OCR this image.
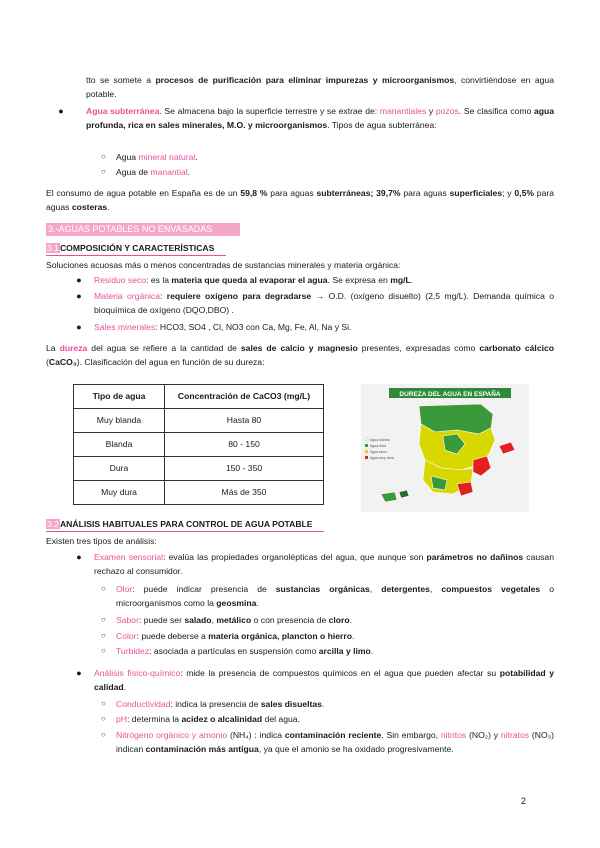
tto se somete a procesos de purificación para eliminar impurezas y microorganismos, convirtiéndose en agua potable.
●	Agua subterránea. Se almacena bajo la superficie terrestre y se extrae de: manantiales y pozos. Se clasifica como agua profunda, rica en sales minerales, M.O. y microorganismos. Tipos de agua subterránea:
○ Agua mineral natural.
○ Agua de manantial.
El consumo de agua potable en España es de un 59,8 % para aguas subterráneas; 39,7% para aguas superficiales; y 0,5% para aguas costeras.
3.-AGUAS POTABLES NO ENVASADAS
3.1COMPOSICIÓN Y CARACTERÍSTICAS
Soluciones acuosas más o menos concentradas de sustancias minerales y materia orgánica:
● Residuo seco: es la materia que queda al evaporar el agua. Se expresa en mg/L.
● Materia orgánica: requiere oxígeno para degradarse → O.D. (oxígeno disuelto) (2,5 mg/L). Demanda química o bioquímica de oxígeno (DQO,DBO) .
● Sales minerales: HCO3, SO4 , Cl, NO3 con Ca, Mg, Fe, Al, Na y Si.
La dureza del agua se refiere a la cantidad de sales de calcio y magnesio presentes, expresadas como carbonato cálcico (CaCO₃). Clasificación del agua en función de su dureza:
Tipo de agua	Concentración de CaCO3 (mg/L)
Muy blanda	Hasta 80
Blanda	80 - 150
Dura	150 - 350
Muy dura	Más de 350
DUREZA DEL AGUA EN ESPAÑA
Agua blanda
Agua dura
Agua semi
Agua muy dura
3.2ANÁLISIS HABITUALES PARA CONTROL DE AGUA POTABLE
Existen tres tipos de análisis:
● Examen sensorial: evalúa las propiedades organolépticas del agua, que aunque son parámetros no dañinos causan rechazo al consumidor.
○ Olor: puede indicar presencia de sustancias orgánicas, detergentes, compuestos vegetales o microorganismos como la geosmina.
○ Sabor: puede ser salado, metálico o con presencia de cloro.
○ Color: puede deberse a materia orgánica, plancton o hierro.
○ Turbidez: asociada a partículas en suspensión como arcilla y limo.
● Análisis físico-químico: mide la presencia de compuestos químicos en el agua que pueden afectar su potabilidad y calidad.
○ Conductividad: indica la presencia de sales disueltas.
○ pH: determina la acidez o alcalinidad del agua.
○ Nitrógeno orgánico y amonio (NH₄) : indica contaminación reciente. Sin embargo, nitritos (NO₂) y nitratos (NO₃) indican contaminación más antigua, ya que el amonio se ha oxidado progresivamente.
2
